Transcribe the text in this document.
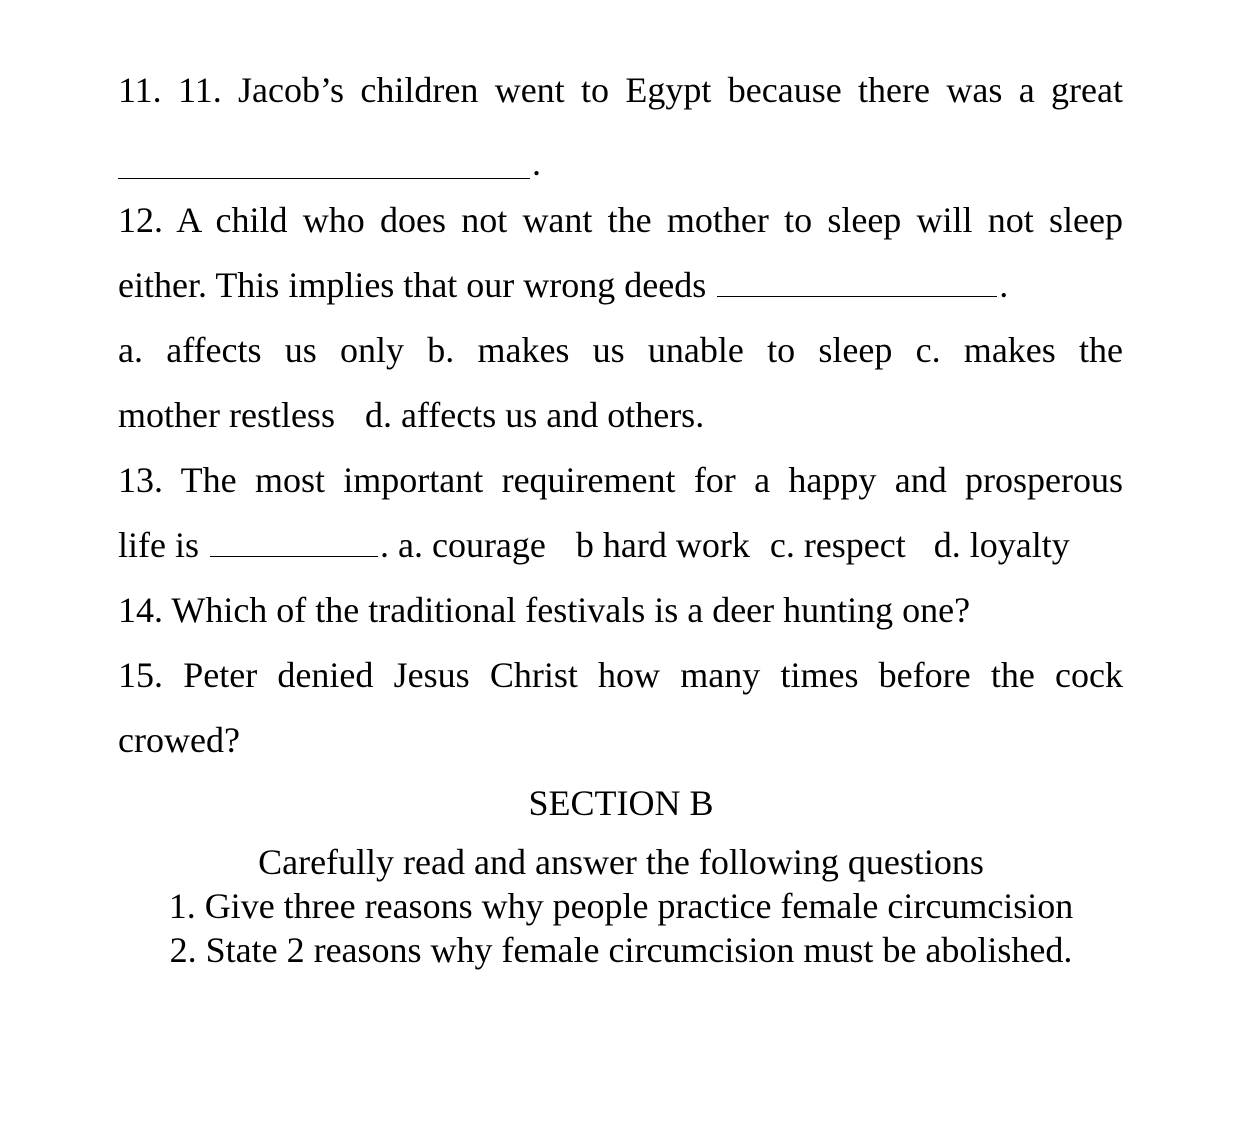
11. 11. Jacob’s children went to Egypt because there was a great
.
12. A child who does not want the mother to sleep will not sleep
either. This implies that our wrong deeds	.
a. affects us only b. makes us unable to sleep c. makes the
mother restless d. affects us and others.
13. The most important requirement for a happy and prosperous
life is	. a. courage b hard work c. respect d. loyalty
14. Which of the traditional festivals is a deer hunting one?
15. Peter denied Jesus Christ how many times before the cock
crowed?
SECTION B
Carefully read and answer the following questions
1. Give three reasons why people practice female circumcision
2. State 2 reasons why female circumcision must be abolished.
